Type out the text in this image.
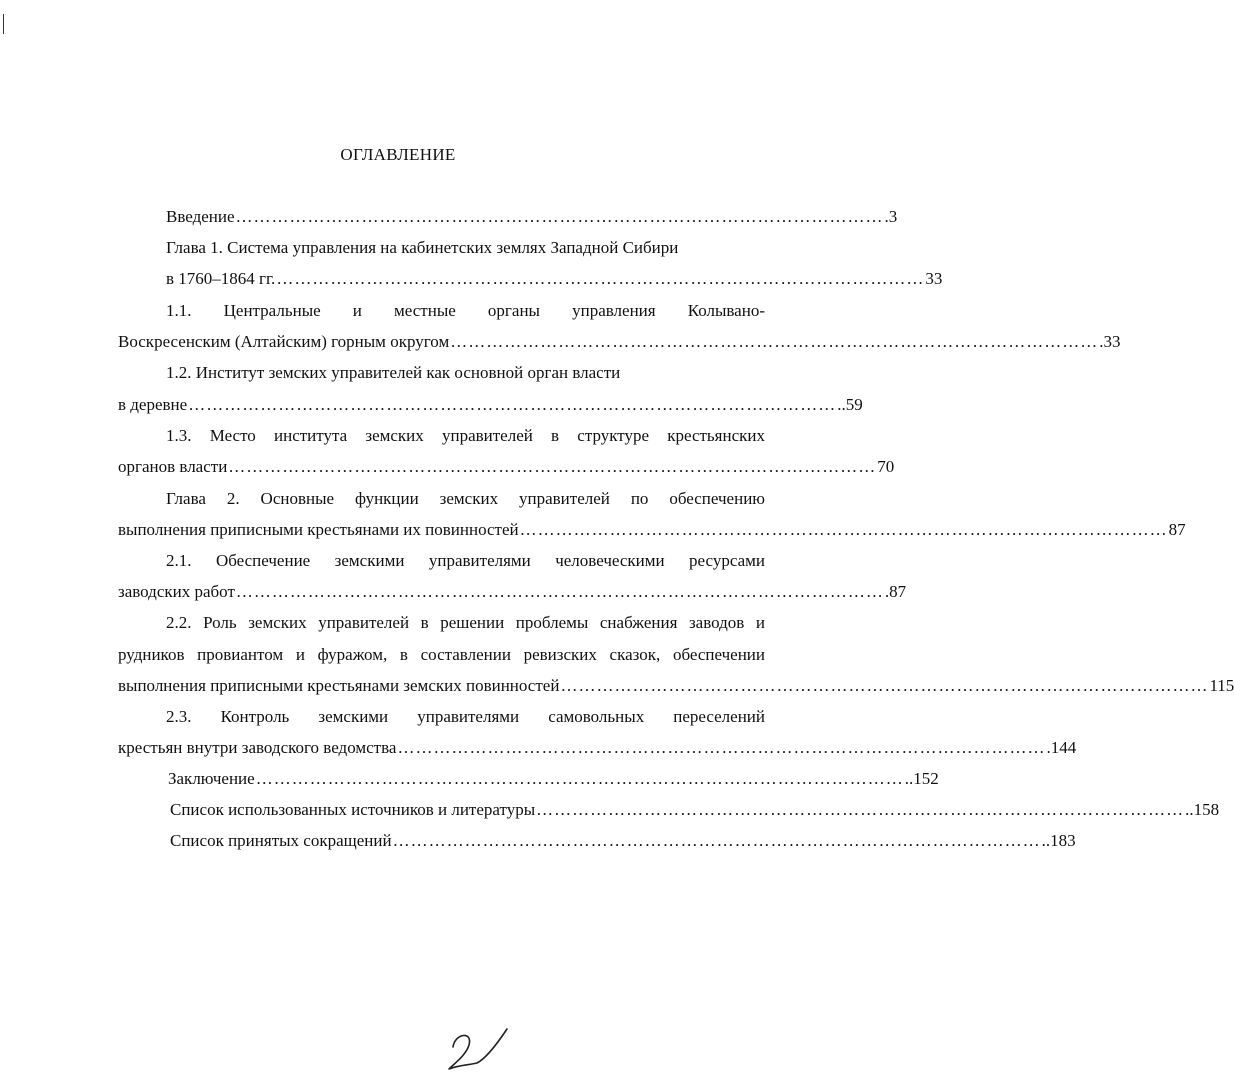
ОГЛАВЛЕНИЕ
Введение ……………………………………………………………………………………………… .3
Глава 1. Система управления на кабинетских землях Западной Сибири
в 1760–1864 гг. ……………………………………………………………………………………………… 33
1.1. Центральные и местные органы управления Колывано-
Воскресенским (Алтайским) горным округом ……………………………………………………………………………………………… .33
1.2. Институт земских управителей как основной орган власти
в деревне ……………………………………………………………………………………………… ..59
1.3. Место института земских управителей в структуре крестьянских
органов власти ……………………………………………………………………………………………… 70
Глава 2. Основные функции земских управителей по обеспечению
выполнения приписными крестьянами их повинностей ……………………………………………………………………………………………… 87
2.1. Обеспечение земскими управителями человеческими ресурсами
заводских работ ……………………………………………………………………………………………… .87
2.2. Роль земских управителей в решении проблемы снабжения заводов и
рудников провиантом и фуражом, в составлении ревизских сказок, обеспечении
выполнения приписными крестьянами земских повинностей ……………………………………………………………………………………………… 115
2.3. Контроль земскими управителями самовольных переселений
крестьян внутри заводского ведомства ……………………………………………………………………………………………… .144
Заключение ……………………………………………………………………………………………… ..152
Список использованных источников и литературы ……………………………………………………………………………………………… ..158
Список принятых сокращений ……………………………………………………………………………………………… ..183
2
